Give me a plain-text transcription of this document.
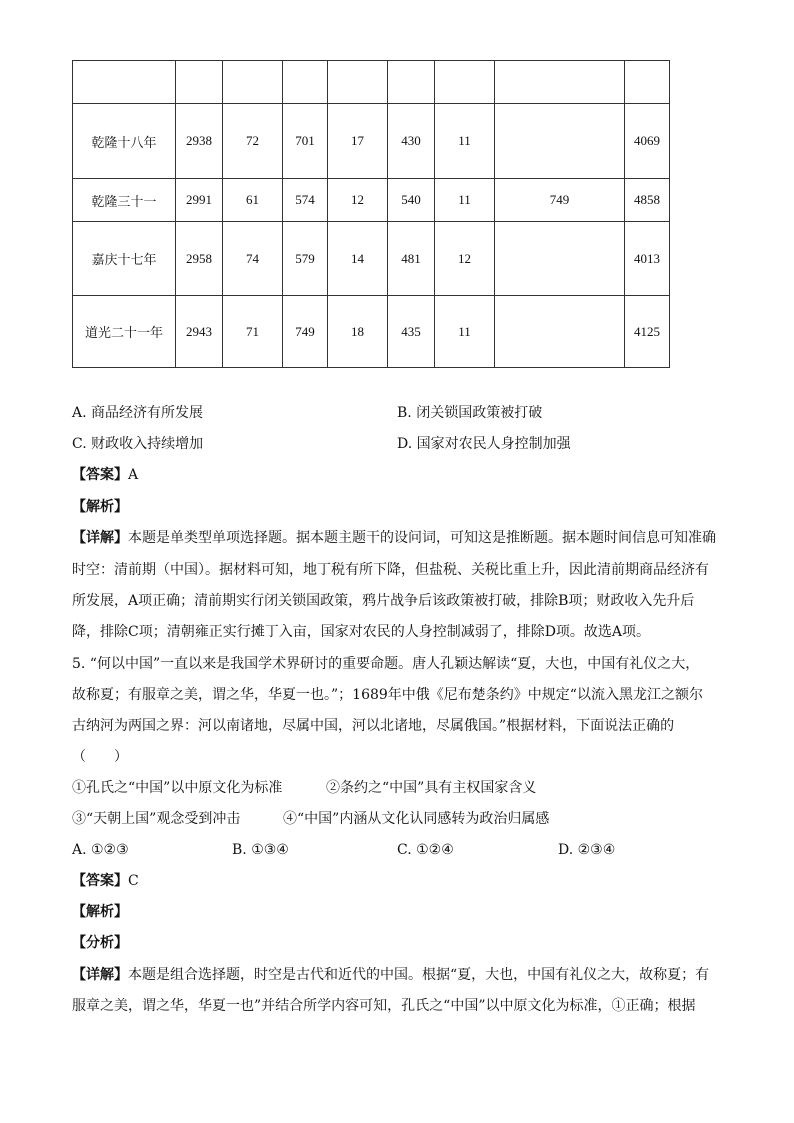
乾隆十八年	2938	72	701	17	430	11		4069
乾隆三十一	2991	61	574	12	540	11	749	4858
嘉庆十七年	2958	74	579	14	481	12		4013
道光二十一年	2943	71	749	18	435	11		4125
A. 商品经济有所发展	B. 闭关锁国政策被打破
C. 财政收入持续增加	D. 国家对农民人身控制加强
【答案】A
【解析】
【详解】本题是单类型单项选择题。据本题主题干的设问词，可知这是推断题。据本题时间信息可知准确
时空：清前期（中国）。据材料可知，地丁税有所下降，但盐税、关税比重上升，因此清前期商品经济有
所发展，A项正确；清前期实行闭关锁国政策，鸦片战争后该政策被打破，排除B项；财政收入先升后
降，排除C项；清朝雍正实行摊丁入亩，国家对农民的人身控制减弱了，排除D项。故选A项。
5. “何以中国”一直以来是我国学术界研讨的重要命题。唐人孔颖达解读“夏，大也，中国有礼仪之大，
故称夏；有服章之美，谓之华，华夏一也。”；1689年中俄《尼布楚条约》中规定“以流入黑龙江之额尔
古纳河为两国之界：河以南诸地，尽属中国，河以北诸地，尽属俄国。”根据材料，下面说法正确的
（　　）
①孔氏之“中国”以中原文化为标准	②条约之“中国”具有主权国家含义
③“天朝上国”观念受到冲击	④“中国”内涵从文化认同感转为政治归属感
A. ①②③	B. ①③④	C. ①②④	D. ②③④
【答案】C
【解析】
【分析】
【详解】本题是组合选择题，时空是古代和近代的中国。根据“夏，大也，中国有礼仪之大，故称夏；有
服章之美，谓之华，华夏一也”并结合所学内容可知，孔氏之“中国”以中原文化为标准，①正确；根据
